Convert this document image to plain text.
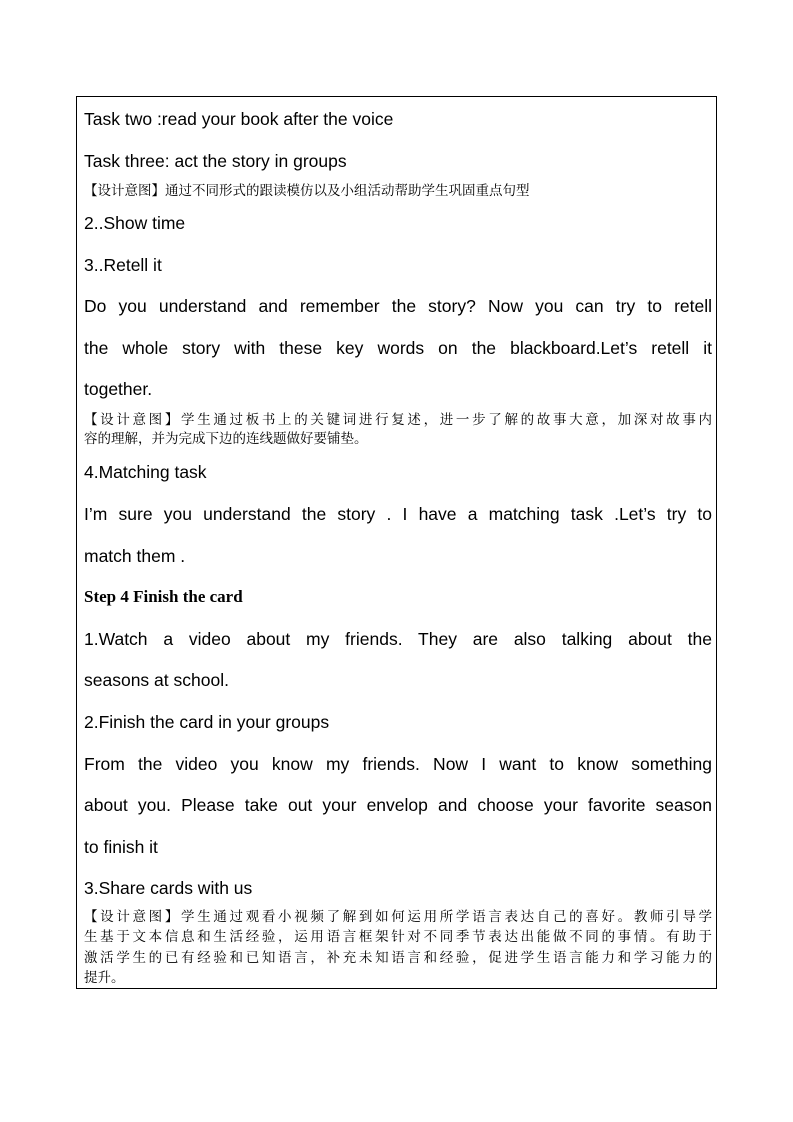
Task two :read your book after the voice

Task three: act the story in groups

【设计意图】通过不同形式的跟读模仿以及小组活动帮助学生巩固重点句型

2..Show time

3..Retell it

Do you understand and remember the story? Now you can try to retell

the whole story with these key words on the blackboard.Let’s retell it

together.

【设计意图】学生通过板书上的关键词进行复述，进一步了解的故事大意，加深对故事内

容的理解，并为完成下边的连线题做好要铺垫。

4.Matching task

I’m sure you understand the story . I have a matching task .Let’s try to

match them .

Step 4 Finish the card

1.Watch a video about my friends. They are also talking about the

seasons at school.

2.Finish the card in your groups

From the video you know my friends. Now I want to know something

about you. Please take out your envelop and choose your favorite season

to finish it

3.Share cards with us

【设计意图】学生通过观看小视频了解到如何运用所学语言表达自己的喜好。教师引导学

生基于文本信息和生活经验，运用语言框架针对不同季节表达出能做不同的事情。有助于

激活学生的已有经验和已知语言，补充未知语言和经验，促进学生语言能力和学习能力的

提升。
